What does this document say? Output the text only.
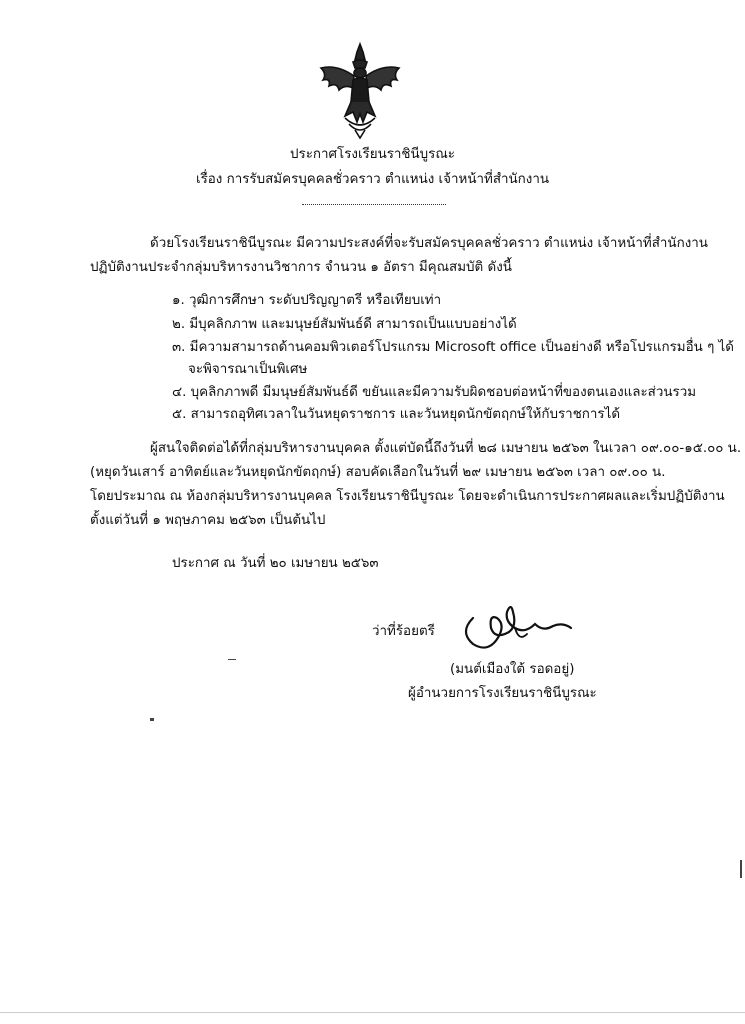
ประกาศโรงเรียนราชินีบูรณะ
เรื่อง การรับสมัครบุคคลชั่วคราว ตำแหน่ง เจ้าหน้าที่สำนักงาน
ด้วยโรงเรียนราชินีบูรณะ มีความประสงค์ที่จะรับสมัครบุคคลชั่วคราว ตำแหน่ง เจ้าหน้าที่สำนักงาน
ปฏิบัติงานประจำกลุ่มบริหารงานวิชาการ จำนวน ๑ อัตรา มีคุณสมบัติ ดังนี้
๑. วุฒิการศึกษา ระดับปริญญาตรี หรือเทียบเท่า
๒. มีบุคลิกภาพ และมนุษย์สัมพันธ์ดี สามารถเป็นแบบอย่างได้
๓. มีความสามารถด้านคอมพิวเตอร์โปรแกรม Microsoft office เป็นอย่างดี หรือโปรแกรมอื่น ๆ ได้
จะพิจารณาเป็นพิเศษ
๔. บุคลิกภาพดี มีมนุษย์สัมพันธ์ดี ขยันและมีความรับผิดชอบต่อหน้าที่ของตนเองและส่วนรวม
๕. สามารถอุทิศเวลาในวันหยุดราชการ และวันหยุดนักขัตฤกษ์ให้กับราชการได้
ผู้สนใจติดต่อได้ที่กลุ่มบริหารงานบุคคล ตั้งแต่บัดนี้ถึงวันที่ ๒๘ เมษายน ๒๕๖๓ ในเวลา ๐๙.๐๐-๑๕.๐๐ น.
(หยุดวันเสาร์ อาทิตย์และวันหยุดนักขัตฤกษ์) สอบคัดเลือกในวันที่ ๒๙ เมษายน ๒๕๖๓ เวลา ๐๙.๐๐ น.
โดยประมาณ ณ ห้องกลุ่มบริหารงานบุคคล โรงเรียนราชินีบูรณะ โดยจะดำเนินการประกาศผลและเริ่มปฏิบัติงาน
ตั้งแต่วันที่ ๑ พฤษภาคม ๒๕๖๓ เป็นต้นไป
ประกาศ ณ วันที่ ๒๐ เมษายน ๒๕๖๓
ว่าที่ร้อยตรี
(มนต์เมืองใต้ รอดอยู่)
ผู้อำนวยการโรงเรียนราชินีบูรณะ
